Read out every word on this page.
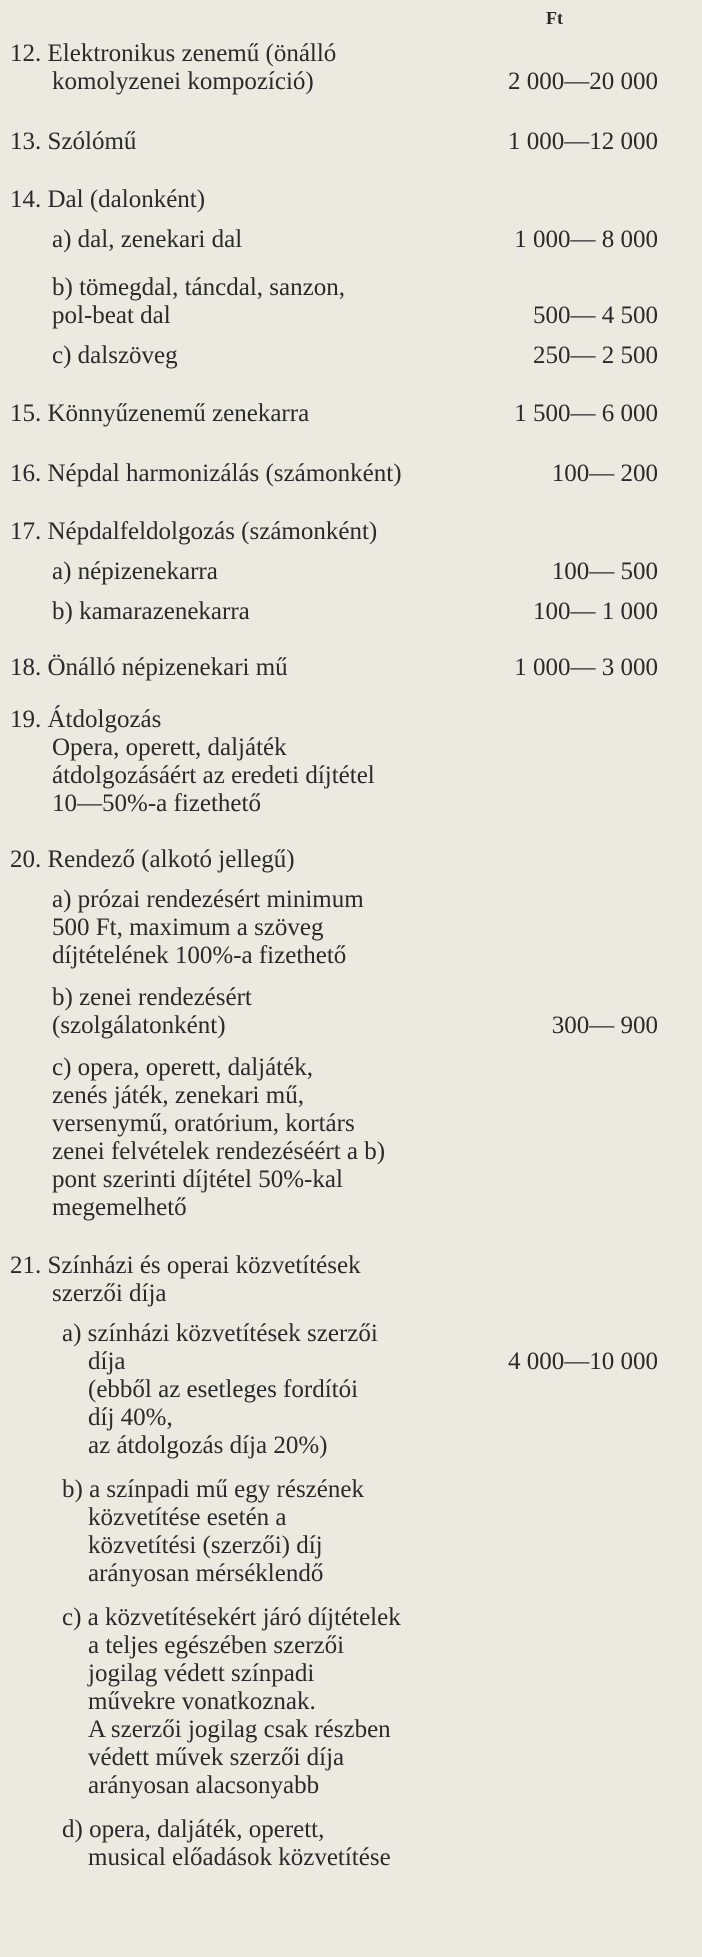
Ft
12. Elektronikus zenemű (önálló
komolyzenei kompozíció)	2 000—20 000
13. Szólómű	1 000—12 000
14. Dal (dalonként)
a) dal, zenekari dal	1 000— 8 000
b) tömegdal, táncdal, sanzon,
pol-beat dal	500— 4 500
c) dalszöveg	250— 2 500
15. Könnyűzenemű zenekarra	1 500— 6 000
16. Népdal harmonizálás (számonként)	100— 200
17. Népdalfeldolgozás (számonként)
a) népizenekarra	100— 500
b) kamarazenekarra	100— 1 000
18. Önálló népizenekari mű	1 000— 3 000
19. Átdolgozás
Opera, operett, daljáték
átdolgozásáért az eredeti díjtétel
10—50%-a fizethető
20. Rendező (alkotó jellegű)
a) prózai rendezésért minimum
500 Ft, maximum a szöveg
díjtételének 100%-a fizethető
b) zenei rendezésért
(szolgálatonként)	300— 900
c) opera, operett, daljáték,
zenés játék, zenekari mű,
versenymű, oratórium, kortárs
zenei felvételek rendezéséért a b)
pont szerinti díjtétel 50%-kal
megemelhető
21. Színházi és operai közvetítések
szerzői díja
a) színházi közvetítések szerzői
díja	4 000—10 000
(ebből az esetleges fordítói
díj 40%,
az átdolgozás díja 20%)
b) a színpadi mű egy részének
közvetítése esetén a
közvetítési (szerzői) díj
arányosan mérséklendő
c) a közvetítésekért járó díjtételek
a teljes egészében szerzői
jogilag védett színpadi
művekre vonatkoznak.
A szerzői jogilag csak részben
védett művek szerzői díja
arányosan alacsonyabb
d) opera, daljáték, operett,
musical előadások közvetítése
